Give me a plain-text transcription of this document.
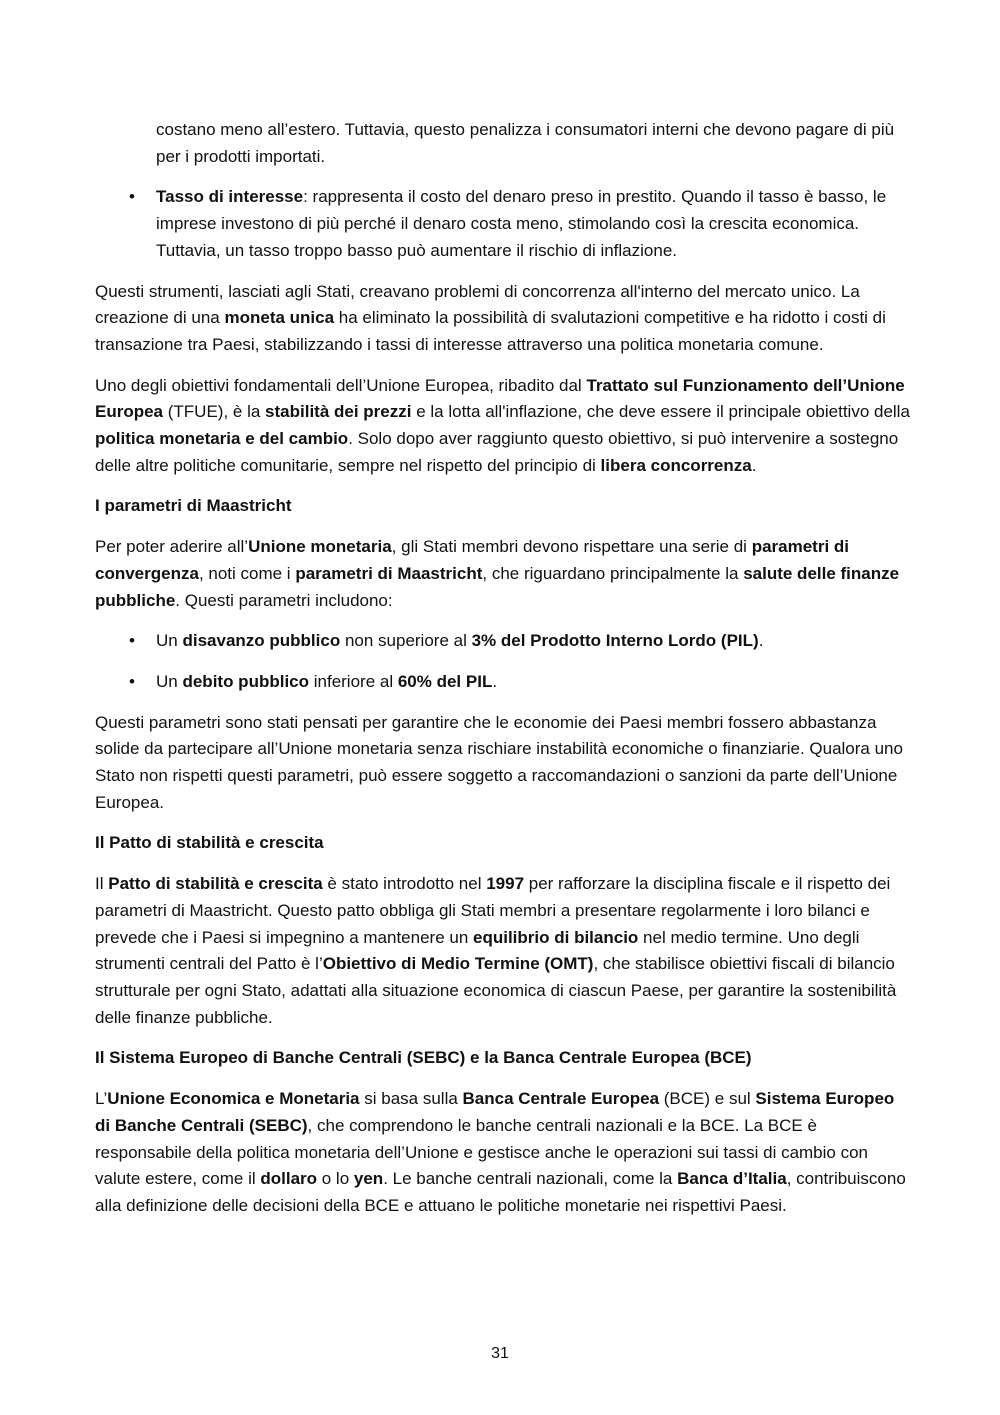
costano meno all’estero. Tuttavia, questo penalizza i consumatori interni che devono pagare di più per i prodotti importati.

• Tasso di interesse: rappresenta il costo del denaro preso in prestito. Quando il tasso è basso, le imprese investono di più perché il denaro costa meno, stimolando così la crescita economica. Tuttavia, un tasso troppo basso può aumentare il rischio di inflazione.

Questi strumenti, lasciati agli Stati, creavano problemi di concorrenza all'interno del mercato unico. La creazione di una moneta unica ha eliminato la possibilità di svalutazioni competitive e ha ridotto i costi di transazione tra Paesi, stabilizzando i tassi di interesse attraverso una politica monetaria comune.

Uno degli obiettivi fondamentali dell’Unione Europea, ribadito dal Trattato sul Funzionamento dell’Unione Europea (TFUE), è la stabilità dei prezzi e la lotta all'inflazione, che deve essere il principale obiettivo della politica monetaria e del cambio. Solo dopo aver raggiunto questo obiettivo, si può intervenire a sostegno delle altre politiche comunitarie, sempre nel rispetto del principio di libera concorrenza.

I parametri di Maastricht

Per poter aderire all’Unione monetaria, gli Stati membri devono rispettare una serie di parametri di convergenza, noti come i parametri di Maastricht, che riguardano principalmente la salute delle finanze pubbliche. Questi parametri includono:

• Un disavanzo pubblico non superiore al 3% del Prodotto Interno Lordo (PIL).
• Un debito pubblico inferiore al 60% del PIL.

Questi parametri sono stati pensati per garantire che le economie dei Paesi membri fossero abbastanza solide da partecipare all’Unione monetaria senza rischiare instabilità economiche o finanziarie. Qualora uno Stato non rispetti questi parametri, può essere soggetto a raccomandazioni o sanzioni da parte dell’Unione Europea.

Il Patto di stabilità e crescita

Il Patto di stabilità e crescita è stato introdotto nel 1997 per rafforzare la disciplina fiscale e il rispetto dei parametri di Maastricht. Questo patto obbliga gli Stati membri a presentare regolarmente i loro bilanci e prevede che i Paesi si impegnino a mantenere un equilibrio di bilancio nel medio termine. Uno degli strumenti centrali del Patto è l’Obiettivo di Medio Termine (OMT), che stabilisce obiettivi fiscali di bilancio strutturale per ogni Stato, adattati alla situazione economica di ciascun Paese, per garantire la sostenibilità delle finanze pubbliche.

Il Sistema Europeo di Banche Centrali (SEBC) e la Banca Centrale Europea (BCE)

L’Unione Economica e Monetaria si basa sulla Banca Centrale Europea (BCE) e sul Sistema Europeo di Banche Centrali (SEBC), che comprendono le banche centrali nazionali e la BCE. La BCE è responsabile della politica monetaria dell’Unione e gestisce anche le operazioni sui tassi di cambio con valute estere, come il dollaro o lo yen. Le banche centrali nazionali, come la Banca d’Italia, contribuiscono alla definizione delle decisioni della BCE e attuano le politiche monetarie nei rispettivi Paesi.

31
